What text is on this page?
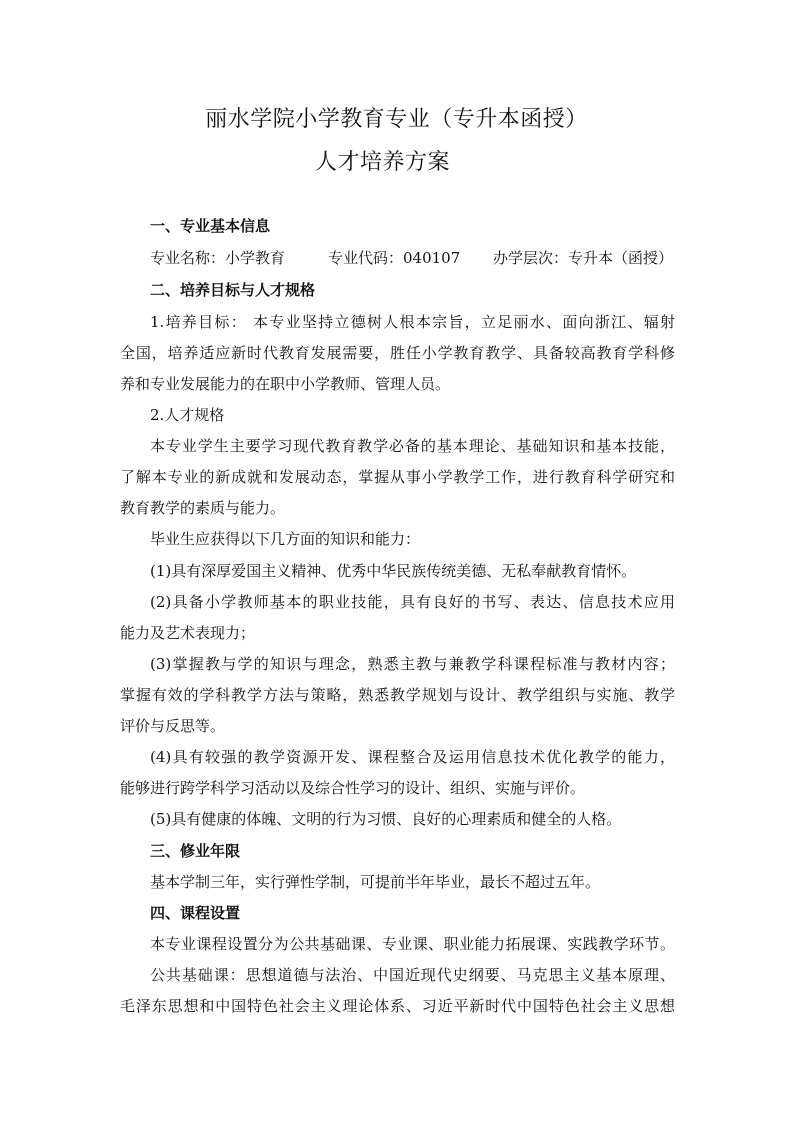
丽水学院小学教育专业（专升本函授）
人才培养方案

一、专业基本信息

专业名称：小学教育	专业代码：040107 办学层次：专升本（函授）

二、培养目标与人才规格

1.培养目标： 本专业坚持立德树人根本宗旨，立足丽水、面向浙江、辐射

全国，培养适应新时代教育发展需要，胜任小学教育教学、具备较高教育学科修

养和专业发展能力的在职中小学教师、管理人员。

2.人才规格

本专业学生主要学习现代教育教学必备的基本理论、基础知识和基本技能，

了解本专业的新成就和发展动态，掌握从事小学教学工作，进行教育科学研究和

教育教学的素质与能力。

毕业生应获得以下几方面的知识和能力：

(1)具有深厚爱国主义精神、优秀中华民族传统美德、无私奉献教育情怀。

(2)具备小学教师基本的职业技能，具有良好的书写、表达、信息技术应用

能力及艺术表现力；

(3)掌握教与学的知识与理念，熟悉主教与兼教学科课程标准与教材内容；

掌握有效的学科教学方法与策略，熟悉教学规划与设计、教学组织与实施、教学

评价与反思等。

(4)具有较强的教学资源开发、课程整合及运用信息技术优化教学的能力，

能够进行跨学科学习活动以及综合性学习的设计、组织、实施与评价。

(5)具有健康的体魄、文明的行为习惯、良好的心理素质和健全的人格。

三、修业年限

基本学制三年，实行弹性学制，可提前半年毕业，最长不超过五年。

四、课程设置

本专业课程设置分为公共基础课、专业课、职业能力拓展课、实践教学环节。

公共基础课：思想道德与法治、中国近现代史纲要、马克思主义基本原理、

毛泽东思想和中国特色社会主义理论体系、习近平新时代中国特色社会主义思想
